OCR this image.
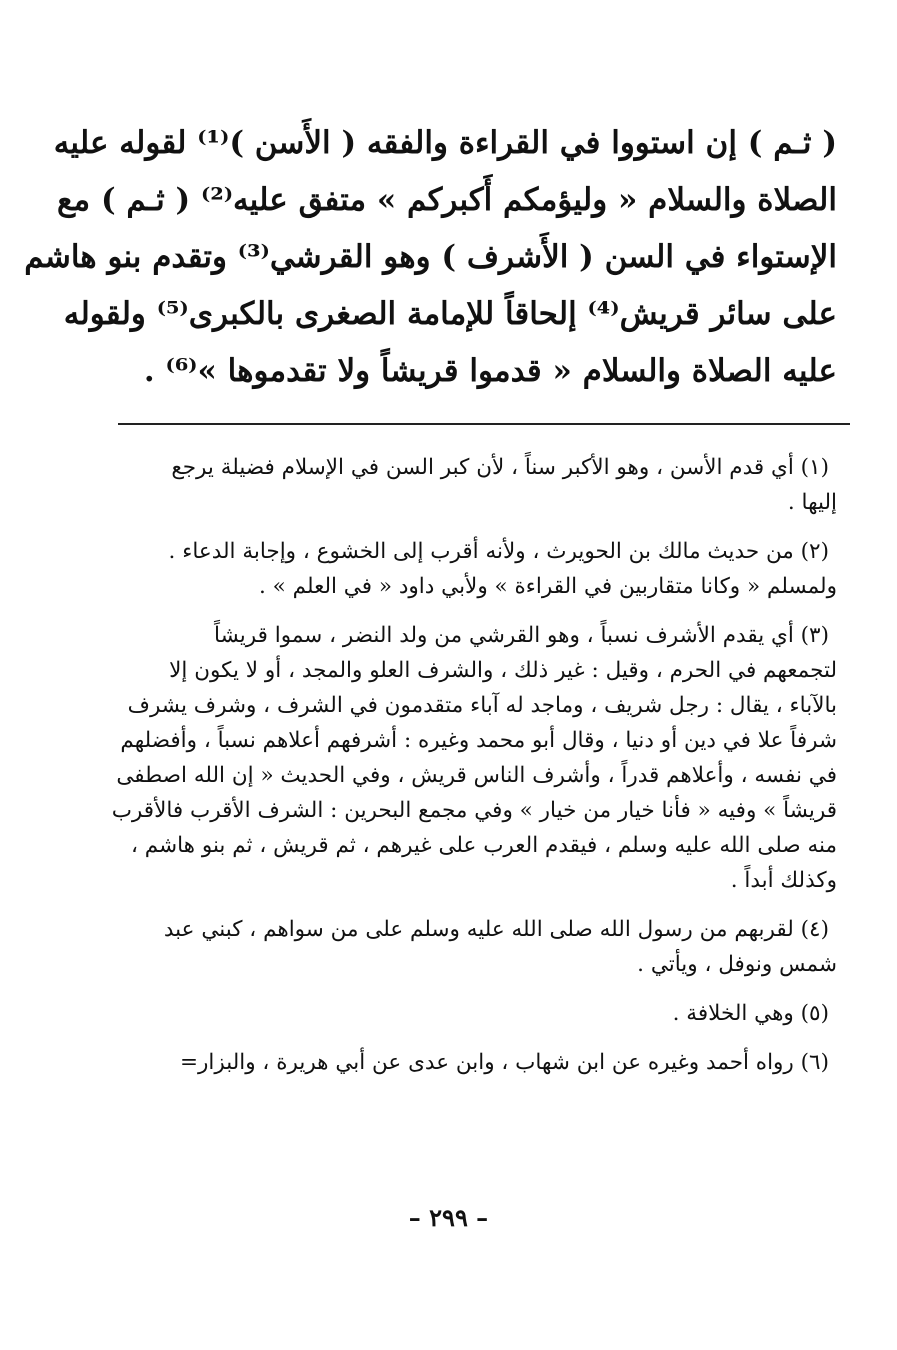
( ثـم ) إن استووا في القراءة والفقه ( الأَسن )⁽¹⁾ لقوله عليه
الصلاة والسلام « وليؤمكم أَكبركم » متفق عليه⁽²⁾ ( ثـم ) مع
الإستواء في السن ( الأَشرف ) وهو القرشي⁽³⁾ وتقدم بنو هاشم
على سائر قريش⁽⁴⁾ إلحاقاً للإمامة الصغرى بالكبرى⁽⁵⁾ ولقوله
عليه الصلاة والسلام « قدموا قريشاً ولا تقدموها »⁽⁶⁾ .
(١) أي قدم الأسن ، وهو الأكبر سناً ، لأن كبر السن في الإسلام فضيلة يرجع
إليها .
(٢) من حديث مالك بن الحويرث ، ولأنه أقرب إلى الخشوع ، وإجابة الدعاء .
ولمسلم « وكانا متقاربين في القراءة » ولأبي داود « في العلم » .
(٣) أي يقدم الأشرف نسباً ، وهو القرشي من ولد النضر ، سموا قريشاً
لتجمعهم في الحرم ، وقيل : غير ذلك ، والشرف العلو والمجد ، أو لا يكون إلا
بالآباء ، يقال : رجل شريف ، وماجد له آباء متقدمون في الشرف ، وشرف يشرف
شرفاً علا في دين أو دنيا ، وقال أبو محمد وغيره : أشرفهم أعلاهم نسباً ، وأفضلهم
في نفسه ، وأعلاهم قدراً ، وأشرف الناس قريش ، وفي الحديث « إن الله اصطفى
قريشاً » وفيه « فأنا خيار من خيار » وفي مجمع البحرين : الشرف الأقرب فالأقرب
منه صلى الله عليه وسلم ، فيقدم العرب على غيرهم ، ثم قريش ، ثم بنو هاشم ،
وكذلك أبداً .
(٤) لقربهم من رسول الله صلى الله عليه وسلم على من سواهم ، كبني عبد
شمس ونوفل ، ويأتي .
(٥) وهي الخلافة .
(٦) رواه أحمد وغيره عن ابن شهاب ، وابن عدى عن أبي هريرة ، والبزار=
– ٢٩٩ –
